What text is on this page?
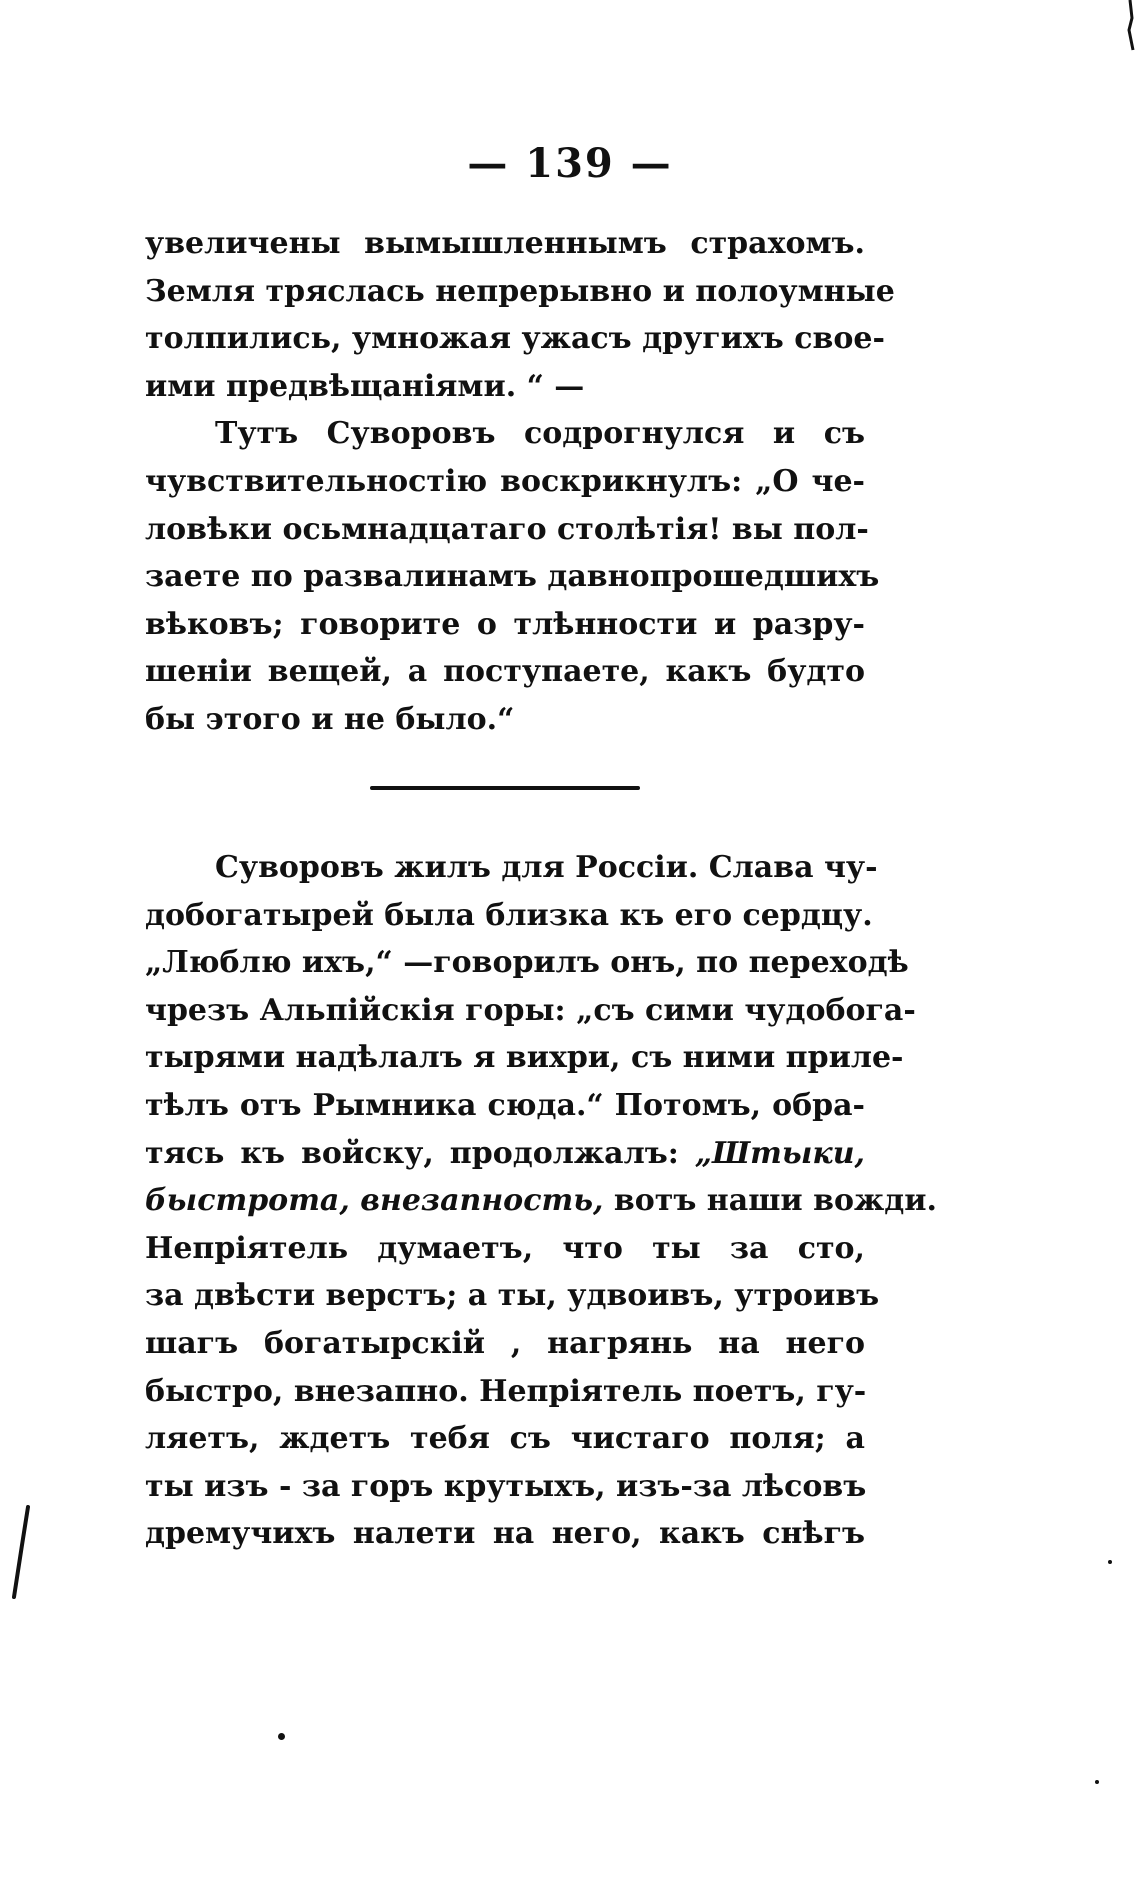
— 139 —
увеличены вымышленнымъ страхомъ.
Земля тряслась непрерывно и полоумные
толпились, умножая ужасъ другихъ свое-
ими предвѣщаніями. “ —
Тутъ Суворовъ содрогнулся и съ
чувствительностію воскрикнулъ: „О че-
ловѣки осьмнадцатаго столѣтія! вы пол-
заете по развалинамъ давнопрошедшихъ
вѣковъ; говорите о тлѣнности и разру-
шеніи вещей, а поступаете, какъ будто
бы этого и не было.“
Суворовъ жилъ для Россіи. Слава чу-
добогатырей была близка къ его сердцу.
„Люблю ихъ,“ —говорилъ онъ, по переходѣ
чрезъ Альпійскія горы: „съ сими чудобога-
тырями надѣлалъ я вихри, съ ними приле-
тѣлъ отъ Рымника сюда.“ Потомъ, обра-
тясь къ войску, продолжалъ: „Штыки,
быстрота, внезапность, вотъ наши вожди.
Непріятель думаетъ, что ты за сто,
за двѣсти верстъ; а ты, удвоивъ, утроивъ
шагъ богатырскій , нагрянь на него
быстро, внезапно. Непріятель поетъ, гу-
ляетъ, ждетъ тебя съ чистаго поля; а
ты изъ - за горъ крутыхъ, изъ-за лѣсовъ
дремучихъ налети на него, какъ снѣгъ
